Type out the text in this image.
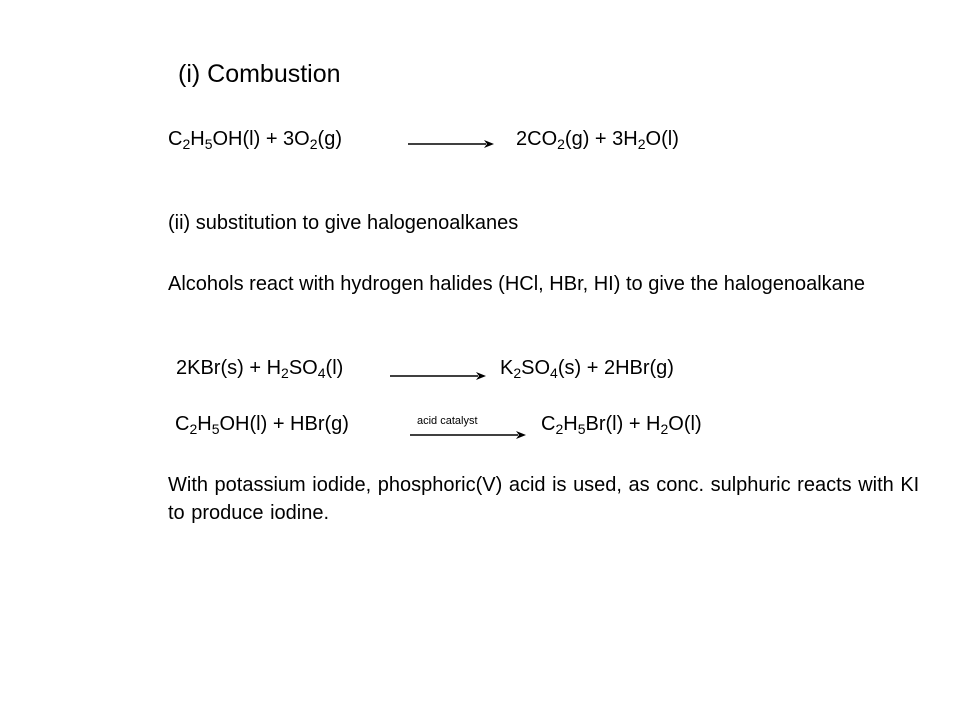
(i) Combustion
$C_2H_5OH(l) + 3O_2(g)$	$2CO_2(g) + 3H_2O(l)$
(ii) substitution to give halogenoalkanes
Alcohols react with hydrogen halides (HCl, HBr, HI) to give the halogenoalkane
$2KBr(s) + H_2SO_4(l)$	$K_2SO_4(s) + 2HBr(g)$
$C_2H_5OH(l) + HBr(g)$	acid catalyst	$C_2H_5Br(l) + H_2O(l)$
With potassium iodide, phosphoric(V) acid is used, as conc. sulphuric reacts with KI to produce iodine.
